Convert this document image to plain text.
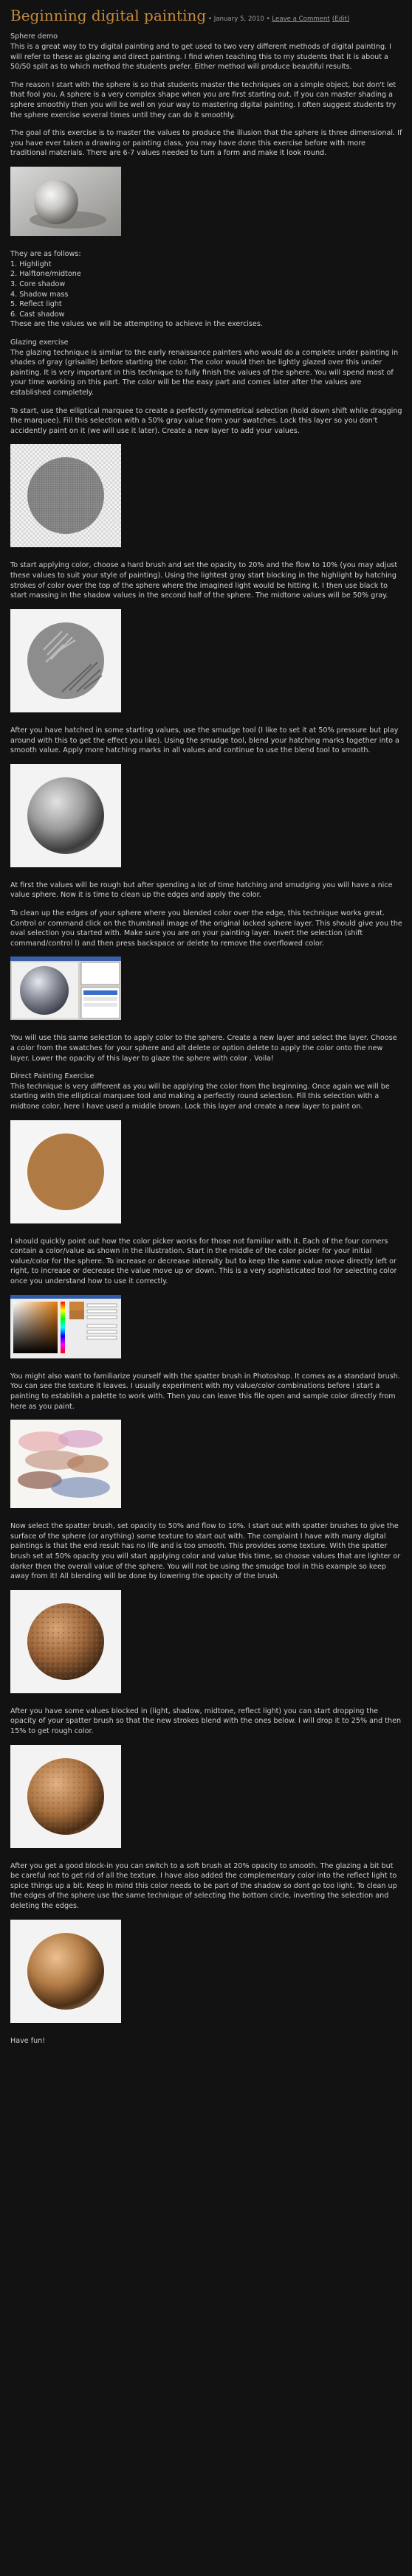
Beginning digital painting • January 5, 2010 • Leave a Comment (Edit)
Sphere demo

This is a great way to try digital painting and to get used to two very different methods of digital painting. I will refer to these as glazing and direct painting. I find when teaching this to my students that it is about a 50/50 split as to which method the students prefer. Either method will produce beautiful results.

The reason I start with the sphere is so that students master the techniques on a simple object, but don't let that fool you. A sphere is a very complex shape when you are first starting out. If you can master shading a sphere smoothly then you will be well on your way to mastering digital painting. I often suggest students try the sphere exercise several times until they can do it smoothly.

The goal of this exercise is to master the values to produce the illusion that the sphere is three dimensional. If you have ever taken a drawing or painting class, you may have done this exercise before with more traditional materials. There are 6-7 values needed to turn a form and make it look round.

They are as follows:
1. Highlight
2. Halftone/midtone
3. Core shadow
4. Shadow mass
5. Reflect light
6. Cast shadow

These are the values we will be attempting to achieve in the exercises.

Glazing exercise

The glazing technique is similar to the early renaissance painters who would do a complete under painting in shades of gray (grisaille) before starting the color. The color would then be lightly glazed over this under painting. It is very important in this technique to fully finish the values of the sphere. You will spend most of your time working on this part. The color will be the easy part and comes later after the values are established completely.

To start, use the elliptical marquee to create a perfectly symmetrical selection (hold down shift while dragging the marquee). Fill this selection with a 50% gray value from your swatches. Lock this layer so you don't accidently paint on it (we will use it later). Create a new layer to add your values.

To start applying color, choose a hard brush and set the opacity to 20% and the flow to 10% (you may adjust these values to suit your style of painting). Using the lightest gray start blocking in the highlight by hatching strokes of color over the top of the sphere where the imagined light would be hitting it. I then use black to start massing in the shadow values in the second half of the sphere. The midtone values will be 50% gray.

After you have hatched in some starting values, use the smudge tool (I like to set it at 50% pressure but play around with this to get the effect you like). Using the smudge tool, blend your hatching marks together into a smooth value. Apply more hatching marks in all values and continue to use the blend tool to smooth.

At first the values will be rough but after spending a lot of time hatching and smudging you will have a nice value sphere. Now it is time to clean up the edges and apply the color.

To clean up the edges of your sphere where you blended color over the edge, this technique works great. Control or command click on the thumbnail image of the original locked sphere layer. This should give you the oval selection you started with. Make sure you are on your painting layer. Invert the selection (shift command/control I) and then press backspace or delete to remove the overflowed color.

You will use this same selection to apply color to the sphere. Create a new layer and select the layer. Choose a color from the swatches for your sphere and alt delete or option delete to apply the color onto the new layer. Lower the opacity of this layer to glaze the sphere with color . Voila!

Direct Painting Exercise

This technique is very different as you will be applying the color from the beginning. Once again we will be starting with the elliptical marquee tool and making a perfectly round selection. Fill this selection with a midtone color, here I have used a middle brown. Lock this layer and create a new layer to paint on.

I should quickly point out how the color picker works for those not familiar with it. Each of the four corners contain a color/value as shown in the illustration. Start in the middle of the color picker for your initial value/color for the sphere. To increase or decrease intensity but to keep the same value move directly left or right, to increase or decrease the value move up or down. This is a very sophisticated tool for selecting color once you understand how to use it correctly.

You might also want to familiarize yourself with the spatter brush in Photoshop. It comes as a standard brush. You can see the texture it leaves. I usually experiment with my value/color combinations before I start a painting to establish a palette to work with. Then you can leave this file open and sample color directly from here as you paint.

Now select the spatter brush, set opacity to 50% and flow to 10%. I start out with spatter brushes to give the surface of the sphere (or anything) some texture to start out with. The complaint I have with many digital paintings is that the end result has no life and is too smooth. This provides some texture. With the spatter brush set at 50% opacity you will start applying color and value this time, so choose values that are lighter or darker then the overall value of the sphere. You will not be using the smudge tool in this example so keep away from it! All blending will be done by lowering the opacity of the brush.

After you have some values blocked in (light, shadow, midtone, reflect light) you can start dropping the opacity of your spatter brush so that the new strokes blend with the ones below. I will drop it to 25% and then 15% to get rough color.

After you get a good block-in you can switch to a soft brush at 20% opacity to smooth. The glazing a bit but be careful not to get rid of all the texture. I have also added the complementary color into the reflect light to spice things up a bit. Keep in mind this color needs to be part of the shadow so dont go too light. To clean up the edges of the sphere use the same technique of selecting the bottom circle, inverting the selection and deleting the edges.

Have fun!
